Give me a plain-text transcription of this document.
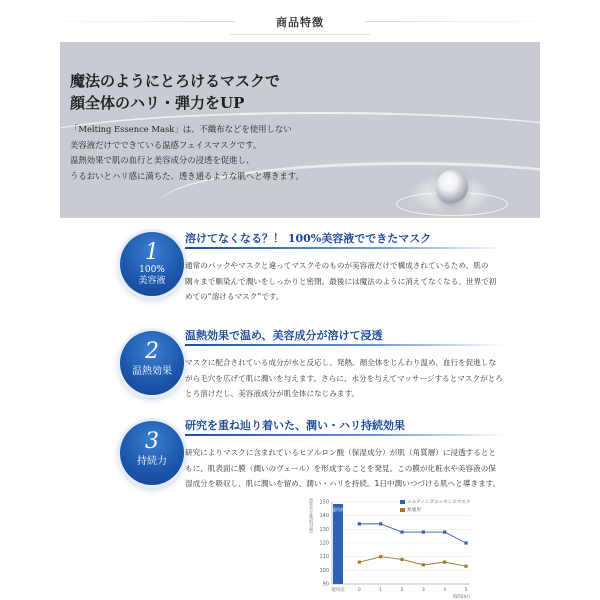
商品特徴
魔法のようにとろけるマスクで
顔全体のハリ・弾力をUP
「Melting Essence Mask」は、不織布などを使用しない
美容液だけでできている温感フェイスマスクです。
温熱効果で肌の血行と美容成分の浸透を促進し、
うるおいとハリ感に満ちた、透き通るような肌へと導きます。
1
100%
美容液
溶けてなくなる？！ 100%美容液でできたマスク
通常のパックやマスクと違ってマスクそのものが美容液だけで構成されているため、肌の隅々まで馴染んで潤いをしっかりと密閉。最後には魔法のように消えてなくなる、世界で初めての“溶けるマスク”です。
2
温熱効果
温熱効果で温め、美容成分が溶けて浸透
マスクに配合されている成分が水と反応し、発熱。顔全体をじんわり温め、血行を促進しながら毛穴を広げて肌に潤いを与えます。さらに、水分を与えてマッサージするとマスクがとろとろ溶けだし、美容液成分が肌全体になじみます。
3
持続力
研究を重ね辿り着いた、潤い・ハリ持続効果
研究によりマスクに含まれているヒアルロン酸（保湿成分）が肌（角質層）に浸透するとともに、肌表面に膜（潤いのヴェール）を形成することを発見。この膜が化粧水や美容液の保湿成分を吸収し、肌に潤いを留め、潤い・ハリを持続。1日中潤いつづける肌へと導きます。
角質水分量(相対値)
90
100
110
120
130
140
150
適用前
適用前	0	1	2	3	4	5
時間(hr)
メルティングエッセンスマスク
無適用
